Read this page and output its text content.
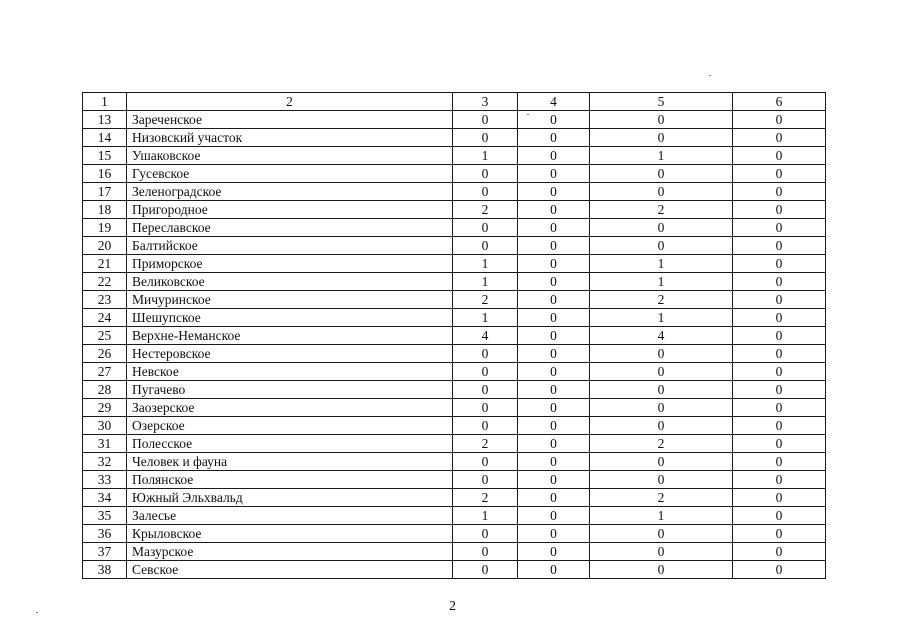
1	2	3	4	5	6
13	Зареченское	0	0	0	0
14	Низовский участок	0	0	0	0
15	Ушаковское	1	0	1	0
16	Гусевское	0	0	0	0
17	Зеленоградское	0	0	0	0
18	Пригородное	2	0	2	0
19	Переславское	0	0	0	0
20	Балтийское	0	0	0	0
21	Приморское	1	0	1	0
22	Великовское	1	0	1	0
23	Мичуринское	2	0	2	0
24	Шешупское	1	0	1	0
25	Верхне-Неманское	4	0	4	0
26	Нестеровское	0	0	0	0
27	Невское	0	0	0	0
28	Пугачево	0	0	0	0
29	Заозерское	0	0	0	0
30	Озерское	0	0	0	0
31	Полесское	2	0	2	0
32	Человек и фауна	0	0	0	0
33	Полянское	0	0	0	0
34	Южный Эльхвальд	2	0	2	0
35	Залесье	1	0	1	0
36	Крыловское	0	0	0	0
37	Мазурское	0	0	0	0
38	Севское	0	0	0	0
2
